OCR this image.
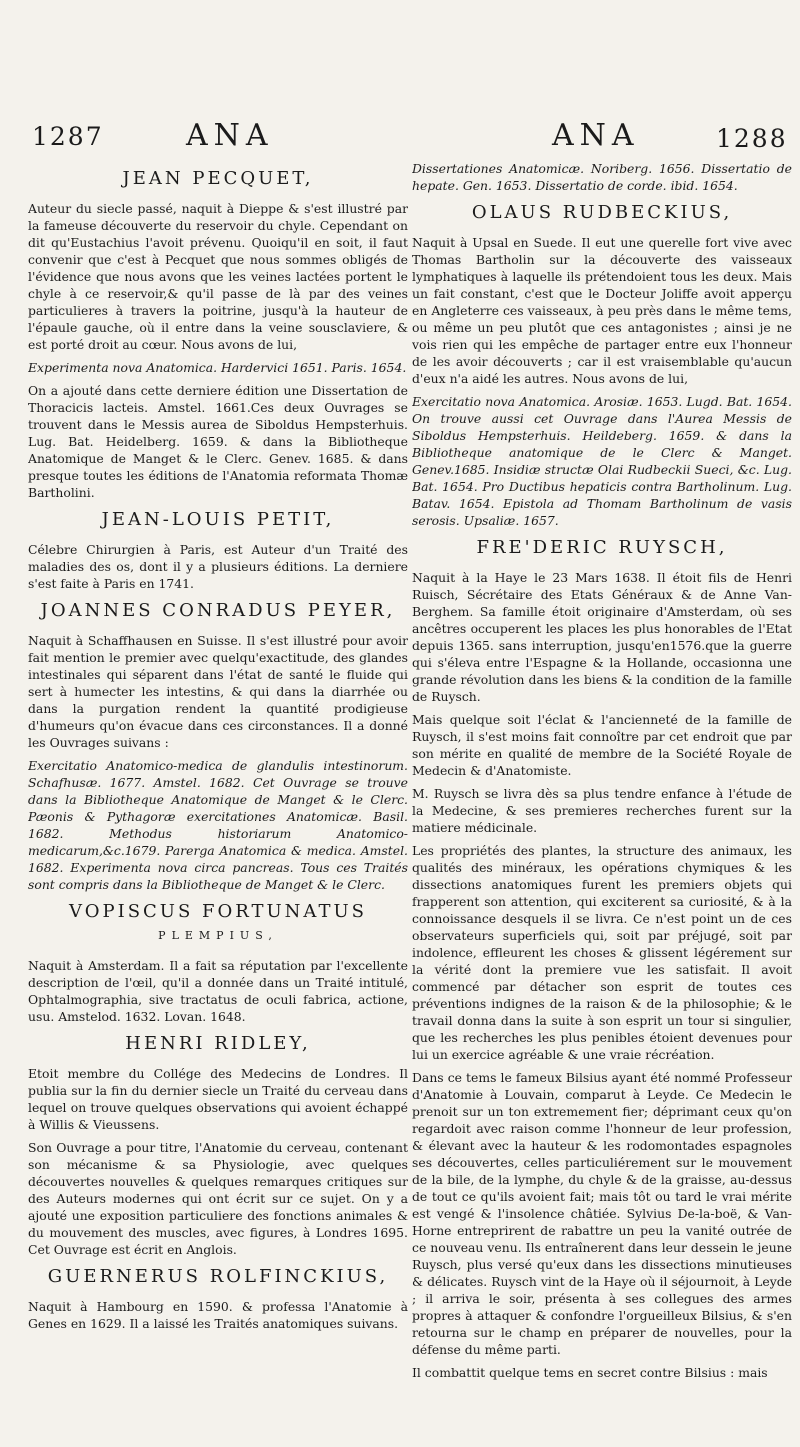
1287	ANA	ANA	1288
JEAN PECQUET,

Auteur du siecle passé, naquit à Dieppe & s'est illustré par la fameuse découverte du reservoir du chyle. Cependant on dit qu'Eustachius l'avoit prévenu. Quoiqu'il en soit, il faut convenir que c'est à Pecquet que nous sommes obligés de l'évidence que nous avons que les veines lactées portent le chyle à ce reservoir,& qu'il passe de là par des veines particulieres à travers la poitrine, jusqu'à la hauteur de l'épaule gauche, où il entre dans la veine sousclaviere, & est porté droit au cœur. Nous avons de lui,

Experimenta nova Anatomica. Hardervici 1651. Paris. 1654.

On a ajouté dans cette derniere édition une Dissertation de Thoracicis lacteis. Amstel. 1661.Ces deux Ouvrages se trouvent dans le Messis aurea de Siboldus Hempsterhuis. Lug. Bat. Heidelberg. 1659. & dans la Bibliotheque Anatomique de Manget & le Clerc. Genev. 1685. & dans presque toutes les éditions de l'Anatomia reformata Thomæ Bartholini.

JEAN-LOUIS PETIT,

Célebre Chirurgien à Paris, est Auteur d'un Traité des maladies des os, dont il y a plusieurs éditions. La derniere s'est faite à Paris en 1741.

JOANNES CONRADUS PEYER,

Naquit à Schaffhausen en Suisse. Il s'est illustré pour avoir fait mention le premier avec quelqu'exactitude, des glandes intestinales qui séparent dans l'état de santé le fluide qui sert à humecter les intestins, & qui dans la diarrhée ou dans la purgation rendent la quantité prodigieuse d'humeurs qu'on évacue dans ces circonstances. Il a donné les Ouvrages suivans :

Exercitatio Anatomico-medica de glandulis intestinorum. Schafhusæ. 1677. Amstel. 1682. Cet Ouvrage se trouve dans la Bibliotheque Anatomique de Manget & le Clerc. Pæonis & Pythagoræ exercitationes Anatomicæ. Basil. 1682. Methodus historiarum Anatomico-medicarum,&c.1679. Parerga Anatomica & medica. Amstel. 1682. Experimenta nova circa pancreas. Tous ces Traités sont compris dans la Bibliotheque de Manget & le Clerc.

VOPISCUS FORTUNATUS
PLEMPIUS,

Naquit à Amsterdam. Il a fait sa réputation par l'excellente description de l'œil, qu'il a donnée dans un Traité intitulé, Ophtalmographia, sive tractatus de oculi fabrica, actione, usu. Amstelod. 1632. Lovan. 1648.

HENRI RIDLEY,

Etoit membre du Collége des Medecins de Londres. Il publia sur la fin du dernier siecle un Traité du cerveau dans lequel on trouve quelques observations qui avoient échappé à Willis & Vieussens.

Son Ouvrage a pour titre, l'Anatomie du cerveau, contenant son mécanisme & sa Physiologie, avec quelques découvertes nouvelles & quelques remarques critiques sur des Auteurs modernes qui ont écrit sur ce sujet. On y a ajouté une exposition particuliere des fonctions animales & du mouvement des muscles, avec figures, à Londres 1695. Cet Ouvrage est écrit en Anglois.

GUERNERUS ROLFINCKIUS,

Naquit à Hambourg en 1590. & professa l'Anatomie à Genes en 1629. Il a laissé les Traités anatomiques suivans.

Dissertationes Anatomicæ. Noriberg. 1656. Dissertatio de hepate. Gen. 1653. Dissertatio de corde. ibid. 1654.

OLAUS RUDBECKIUS,

Naquit à Upsal en Suede. Il eut une querelle fort vive avec Thomas Bartholin sur la découverte des vaisseaux lymphatiques à laquelle ils prétendoient tous les deux. Mais un fait constant, c'est que le Docteur Joliffe avoit apperçu en Angleterre ces vaisseaux, à peu près dans le même tems, ou même un peu plutôt que ces antagonistes ; ainsi je ne vois rien qui les empêche de partager entre eux l'honneur de les avoir découverts ; car il est vraisemblable qu'aucun d'eux n'a aidé les autres. Nous avons de lui,

Exercitatio nova Anatomica. Arosiæ. 1653. Lugd. Bat. 1654. On trouve aussi cet Ouvrage dans l'Aurea Messis de Siboldus Hempsterhuis. Heildeberg. 1659. & dans la Bibliotheque anatomique de le Clerc & Manget. Genev.1685. Insidiæ structæ Olai Rudbeckii Sueci, &c. Lug. Bat. 1654. Pro Ductibus hepaticis contra Bartholinum. Lug. Batav. 1654. Epistola ad Thomam Bartholinum de vasis serosis. Upsaliæ. 1657.

FRE'DERIC RUYSCH,

Naquit à la Haye le 23 Mars 1638. Il étoit fils de Henri Ruisch, Sécrétaire des Etats Généraux & de Anne Van-Berghem. Sa famille étoit originaire d'Amsterdam, où ses ancêtres occuperent les places les plus honorables de l'Etat depuis 1365. sans interruption, jusqu'en1576.que la guerre qui s'éleva entre l'Espagne & la Hollande, occasionna une grande révolution dans les biens & la condition de la famille de Ruysch.

Mais quelque soit l'éclat & l'ancienneté de la famille de Ruysch, il s'est moins fait connoître par cet endroit que par son mérite en qualité de membre de la Société Royale de Medecin & d'Anatomiste.

M. Ruysch se livra dès sa plus tendre enfance à l'étude de la Medecine, & ses premieres recherches furent sur la matiere médicinale.

Les propriétés des plantes, la structure des animaux, les qualités des minéraux, les opérations chymiques & les dissections anatomiques furent les premiers objets qui frapperent son attention, qui exciterent sa curiosité, & à la connoissance desquels il se livra. Ce n'est point un de ces observateurs superficiels qui, soit par préjugé, soit par indolence, effleurent les choses & glissent légérement sur la vérité dont la premiere vue les satisfait. Il avoit commencé par détacher son esprit de toutes ces préventions indignes de la raison & de la philosophie; & le travail donna dans la suite à son esprit un tour si singulier, que les recherches les plus penibles étoient devenues pour lui un exercice agréable & une vraie récréation.

Dans ce tems le fameux Bilsius ayant été nommé Professeur d'Anatomie à Louvain, comparut à Leyde. Ce Medecin le prenoit sur un ton extremement fier; déprimant ceux qu'on regardoit avec raison comme l'honneur de leur profession, & élevant avec la hauteur & les rodomontades espagnoles ses découvertes, celles particuliérement sur le mouvement de la bile, de la lymphe, du chyle & de la graisse, au-dessus de tout ce qu'ils avoient fait; mais tôt ou tard le vrai mérite est vengé & l'insolence châtiée. Sylvius De-la-boë, & Van-Horne entreprirent de rabattre un peu la vanité outrée de ce nouveau venu. Ils entraînerent dans leur dessein le jeune Ruysch, plus versé qu'eux dans les dissections minutieuses & délicates. Ruysch vint de la Haye où il séjournoit, à Leyde ; il arriva le soir, présenta à ses collegues des armes propres à attaquer & confondre l'orgueilleux Bilsius, & s'en retourna sur le champ en préparer de nouvelles, pour la défense du même parti.

Il combattit quelque tems en secret contre Bilsius : mais
